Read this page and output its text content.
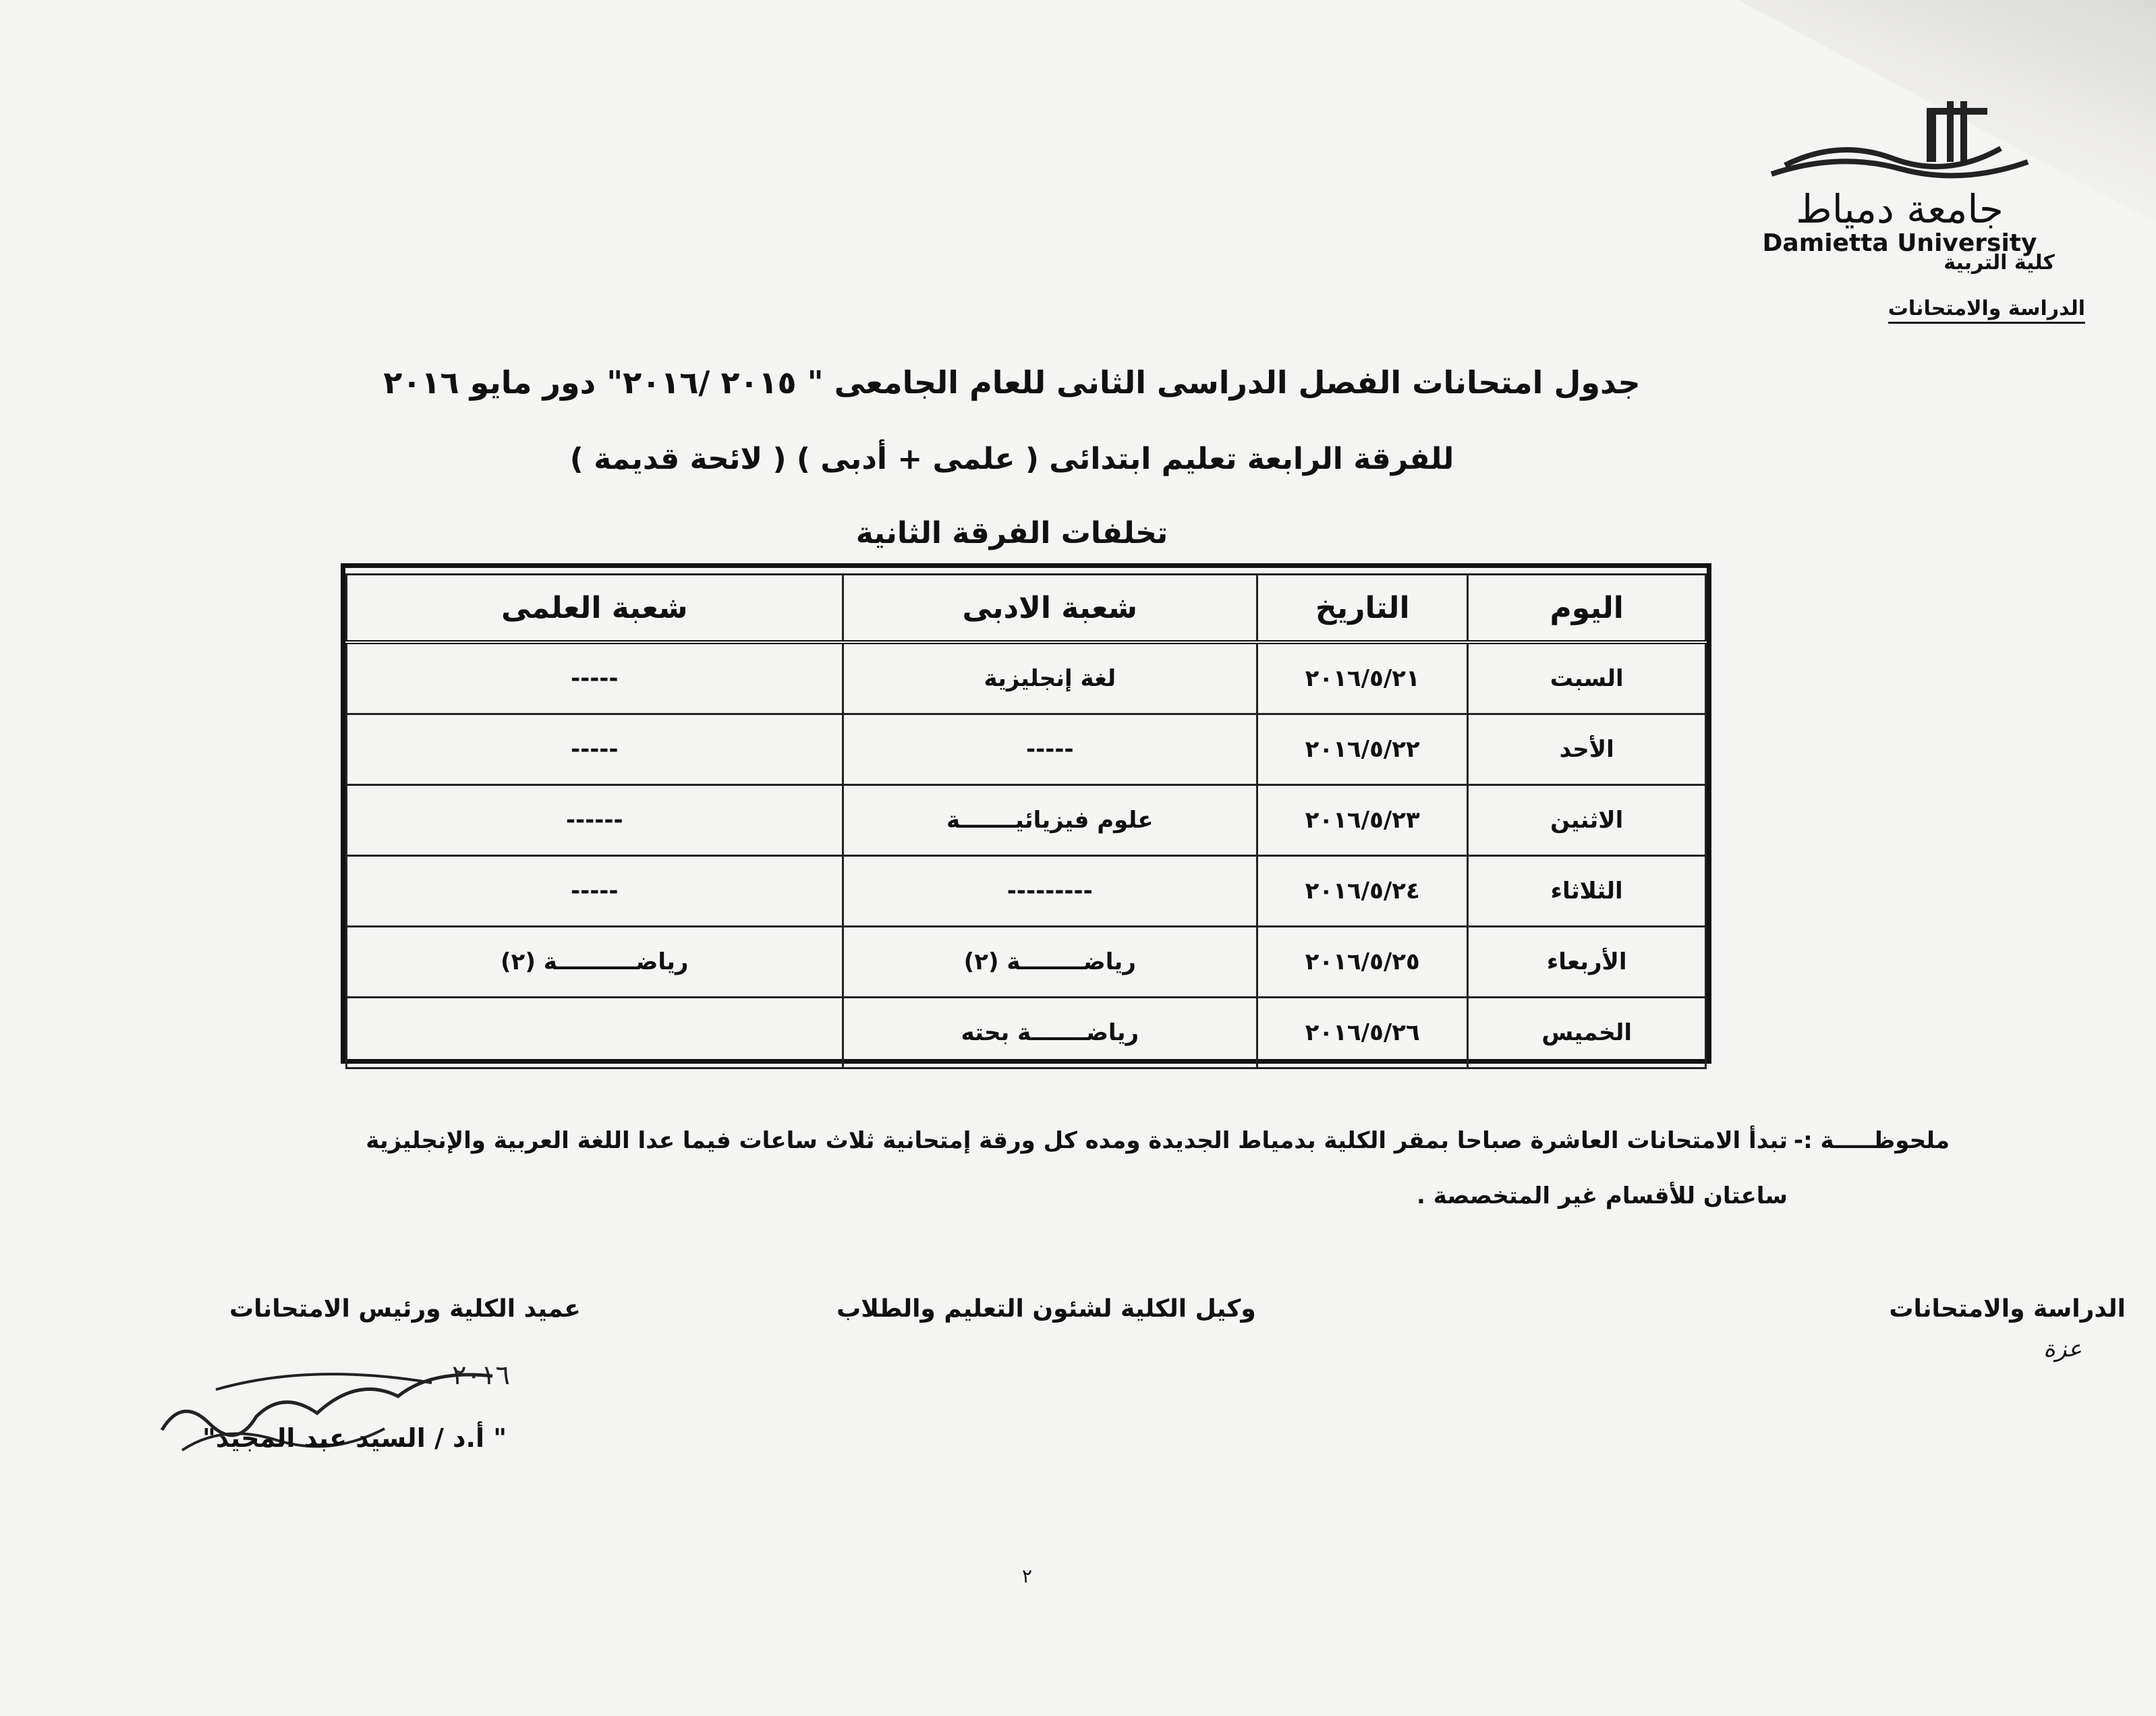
جامعة دمياط
Damietta University
كلية التربية
الدراسة والامتحانات
جدول امتحانات الفصل الدراسى الثانى للعام الجامعى " ٢٠١٥ /٢٠١٦" دور مايو ٢٠١٦
للفرقة الرابعة تعليم ابتدائى ( علمى + أدبى ) ( لائحة قديمة )
تخلفات الفرقة الثانية
اليوم	التاريخ	شعبة الادبى	شعبة العلمى
السبت	٢٠١٦/٥/٢١	لغة إنجليزية	-----
الأحد	٢٠١٦/٥/٢٢	-----	-----
الاثنين	٢٠١٦/٥/٢٣	علوم فيزيائيـــــــة	------
الثلاثاء	٢٠١٦/٥/٢٤	---------	-----
الأربعاء	٢٠١٦/٥/٢٥	رياضــــــــة (٢)	رياضــــــــــة (٢)
الخميس	٢٠١٦/٥/٢٦	رياضـــــــة بحته	
ملحوظـــــة :-
تبدأ الامتحانات العاشرة صباحا بمقر الكلية بدمياط الجديدة ومده كل ورقة إمتحانية ثلاث ساعات فيما عدا اللغة العربية والإنجليزية ساعتان للأقسام غير المتخصصة .
الدراسة والامتحانات
عزة
وكيل الكلية لشئون التعليم والطلاب
عميد الكلية ورئيس الامتحانات
٢٠١٦
" أ.د / السيد عبد المجيد"
٢
